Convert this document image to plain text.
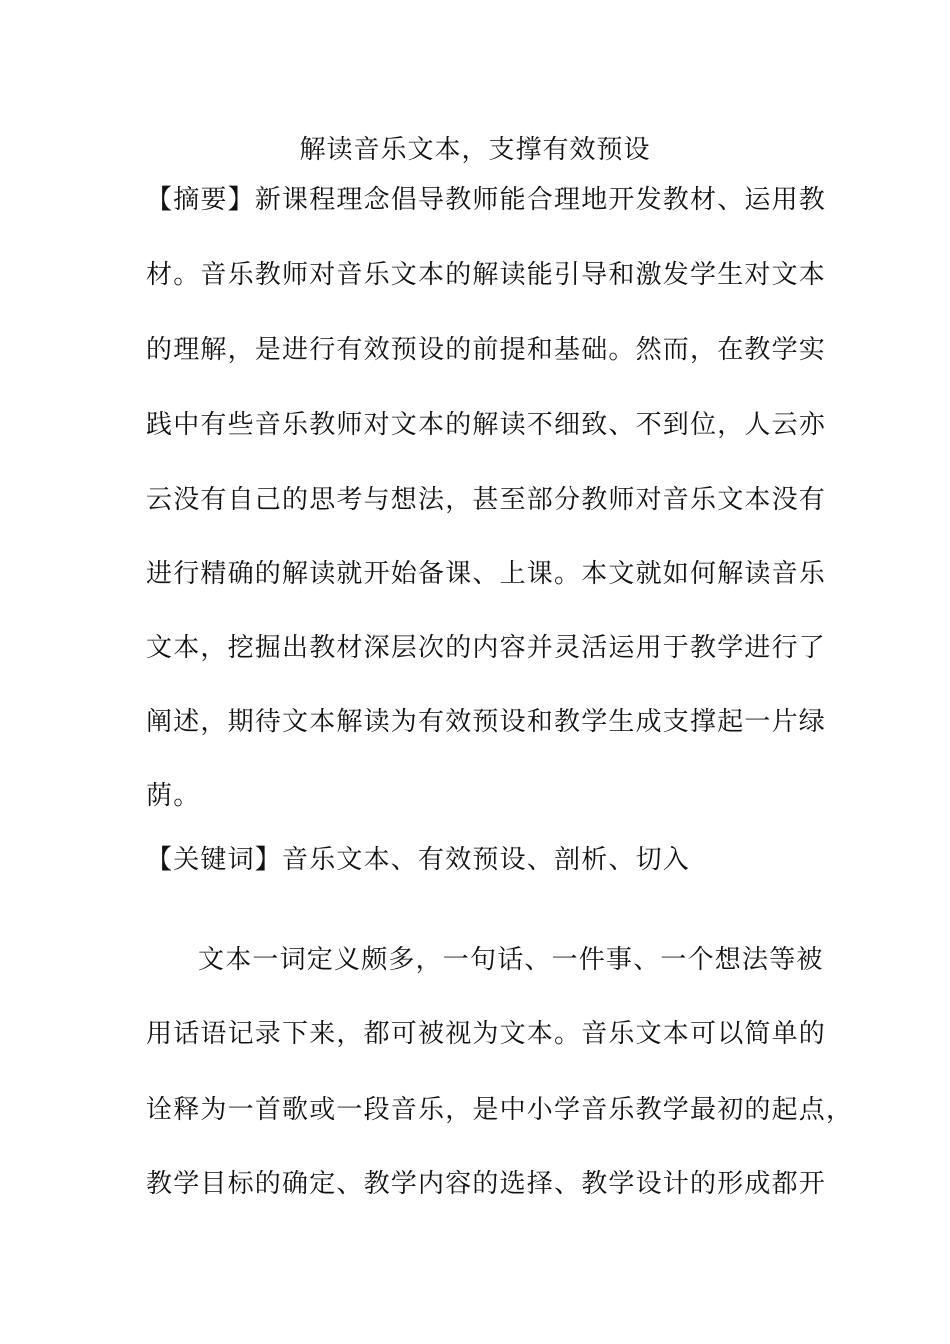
解读音乐文本，支撑有效预设
【摘要】新课程理念倡导教师能合理地开发教材、运用教
材。音乐教师对音乐文本的解读能引导和激发学生对文本
的理解，是进行有效预设的前提和基础。然而，在教学实
践中有些音乐教师对文本的解读不细致、不到位，人云亦
云没有自己的思考与想法，甚至部分教师对音乐文本没有
进行精确的解读就开始备课、上课。本文就如何解读音乐
文本，挖掘出教材深层次的内容并灵活运用于教学进行了
阐述，期待文本解读为有效预设和教学生成支撑起一片绿
荫。
【关键词】音乐文本、有效预设、剖析、切入
文本一词定义颇多，一句话、一件事、一个想法等被
用话语记录下来，都可被视为文本。音乐文本可以简单的
诠释为一首歌或一段音乐，是中小学音乐教学最初的起点，
教学目标的确定、教学内容的选择、教学设计的形成都开
